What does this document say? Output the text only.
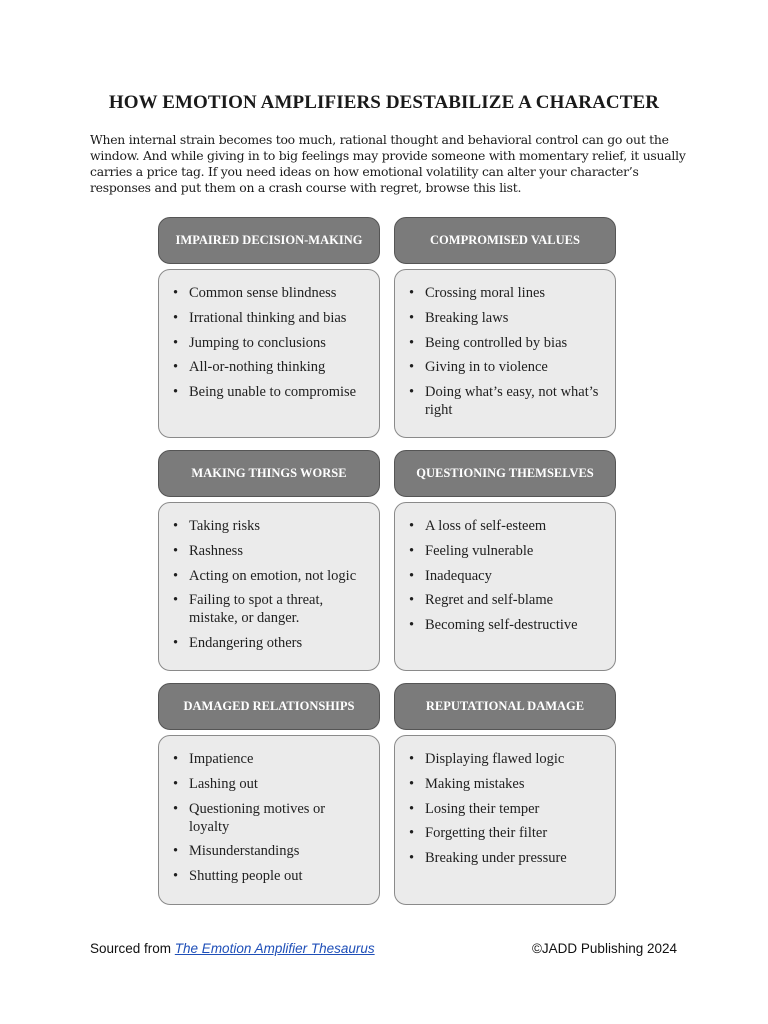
HOW EMOTION AMPLIFIERS DESTABILIZE A CHARACTER
When internal strain becomes too much, rational thought and behavioral control can go out the window. And while giving in to big feelings may provide someone with momentary relief, it usually carries a price tag. If you need ideas on how emotional volatility can alter your character’s responses and put them on a crash course with regret, browse this list.
IMPAIRED DECISION-MAKING
• Common sense blindness
• Irrational thinking and bias
• Jumping to conclusions
• All-or-nothing thinking
• Being unable to compromise
COMPROMISED VALUES
• Crossing moral lines
• Breaking laws
• Being controlled by bias
• Giving in to violence
• Doing what’s easy, not what’s right
MAKING THINGS WORSE
• Taking risks
• Rashness
• Acting on emotion, not logic
• Failing to spot a threat, mistake, or danger.
• Endangering others
QUESTIONING THEMSELVES
• A loss of self-esteem
• Feeling vulnerable
• Inadequacy
• Regret and self-blame
• Becoming self-destructive
DAMAGED RELATIONSHIPS
• Impatience
• Lashing out
• Questioning motives or loyalty
• Misunderstandings
• Shutting people out
REPUTATIONAL DAMAGE
• Displaying flawed logic
• Making mistakes
• Losing their temper
• Forgetting their filter
• Breaking under pressure
Sourced from The Emotion Amplifier Thesaurus	©JADD Publishing 2024
